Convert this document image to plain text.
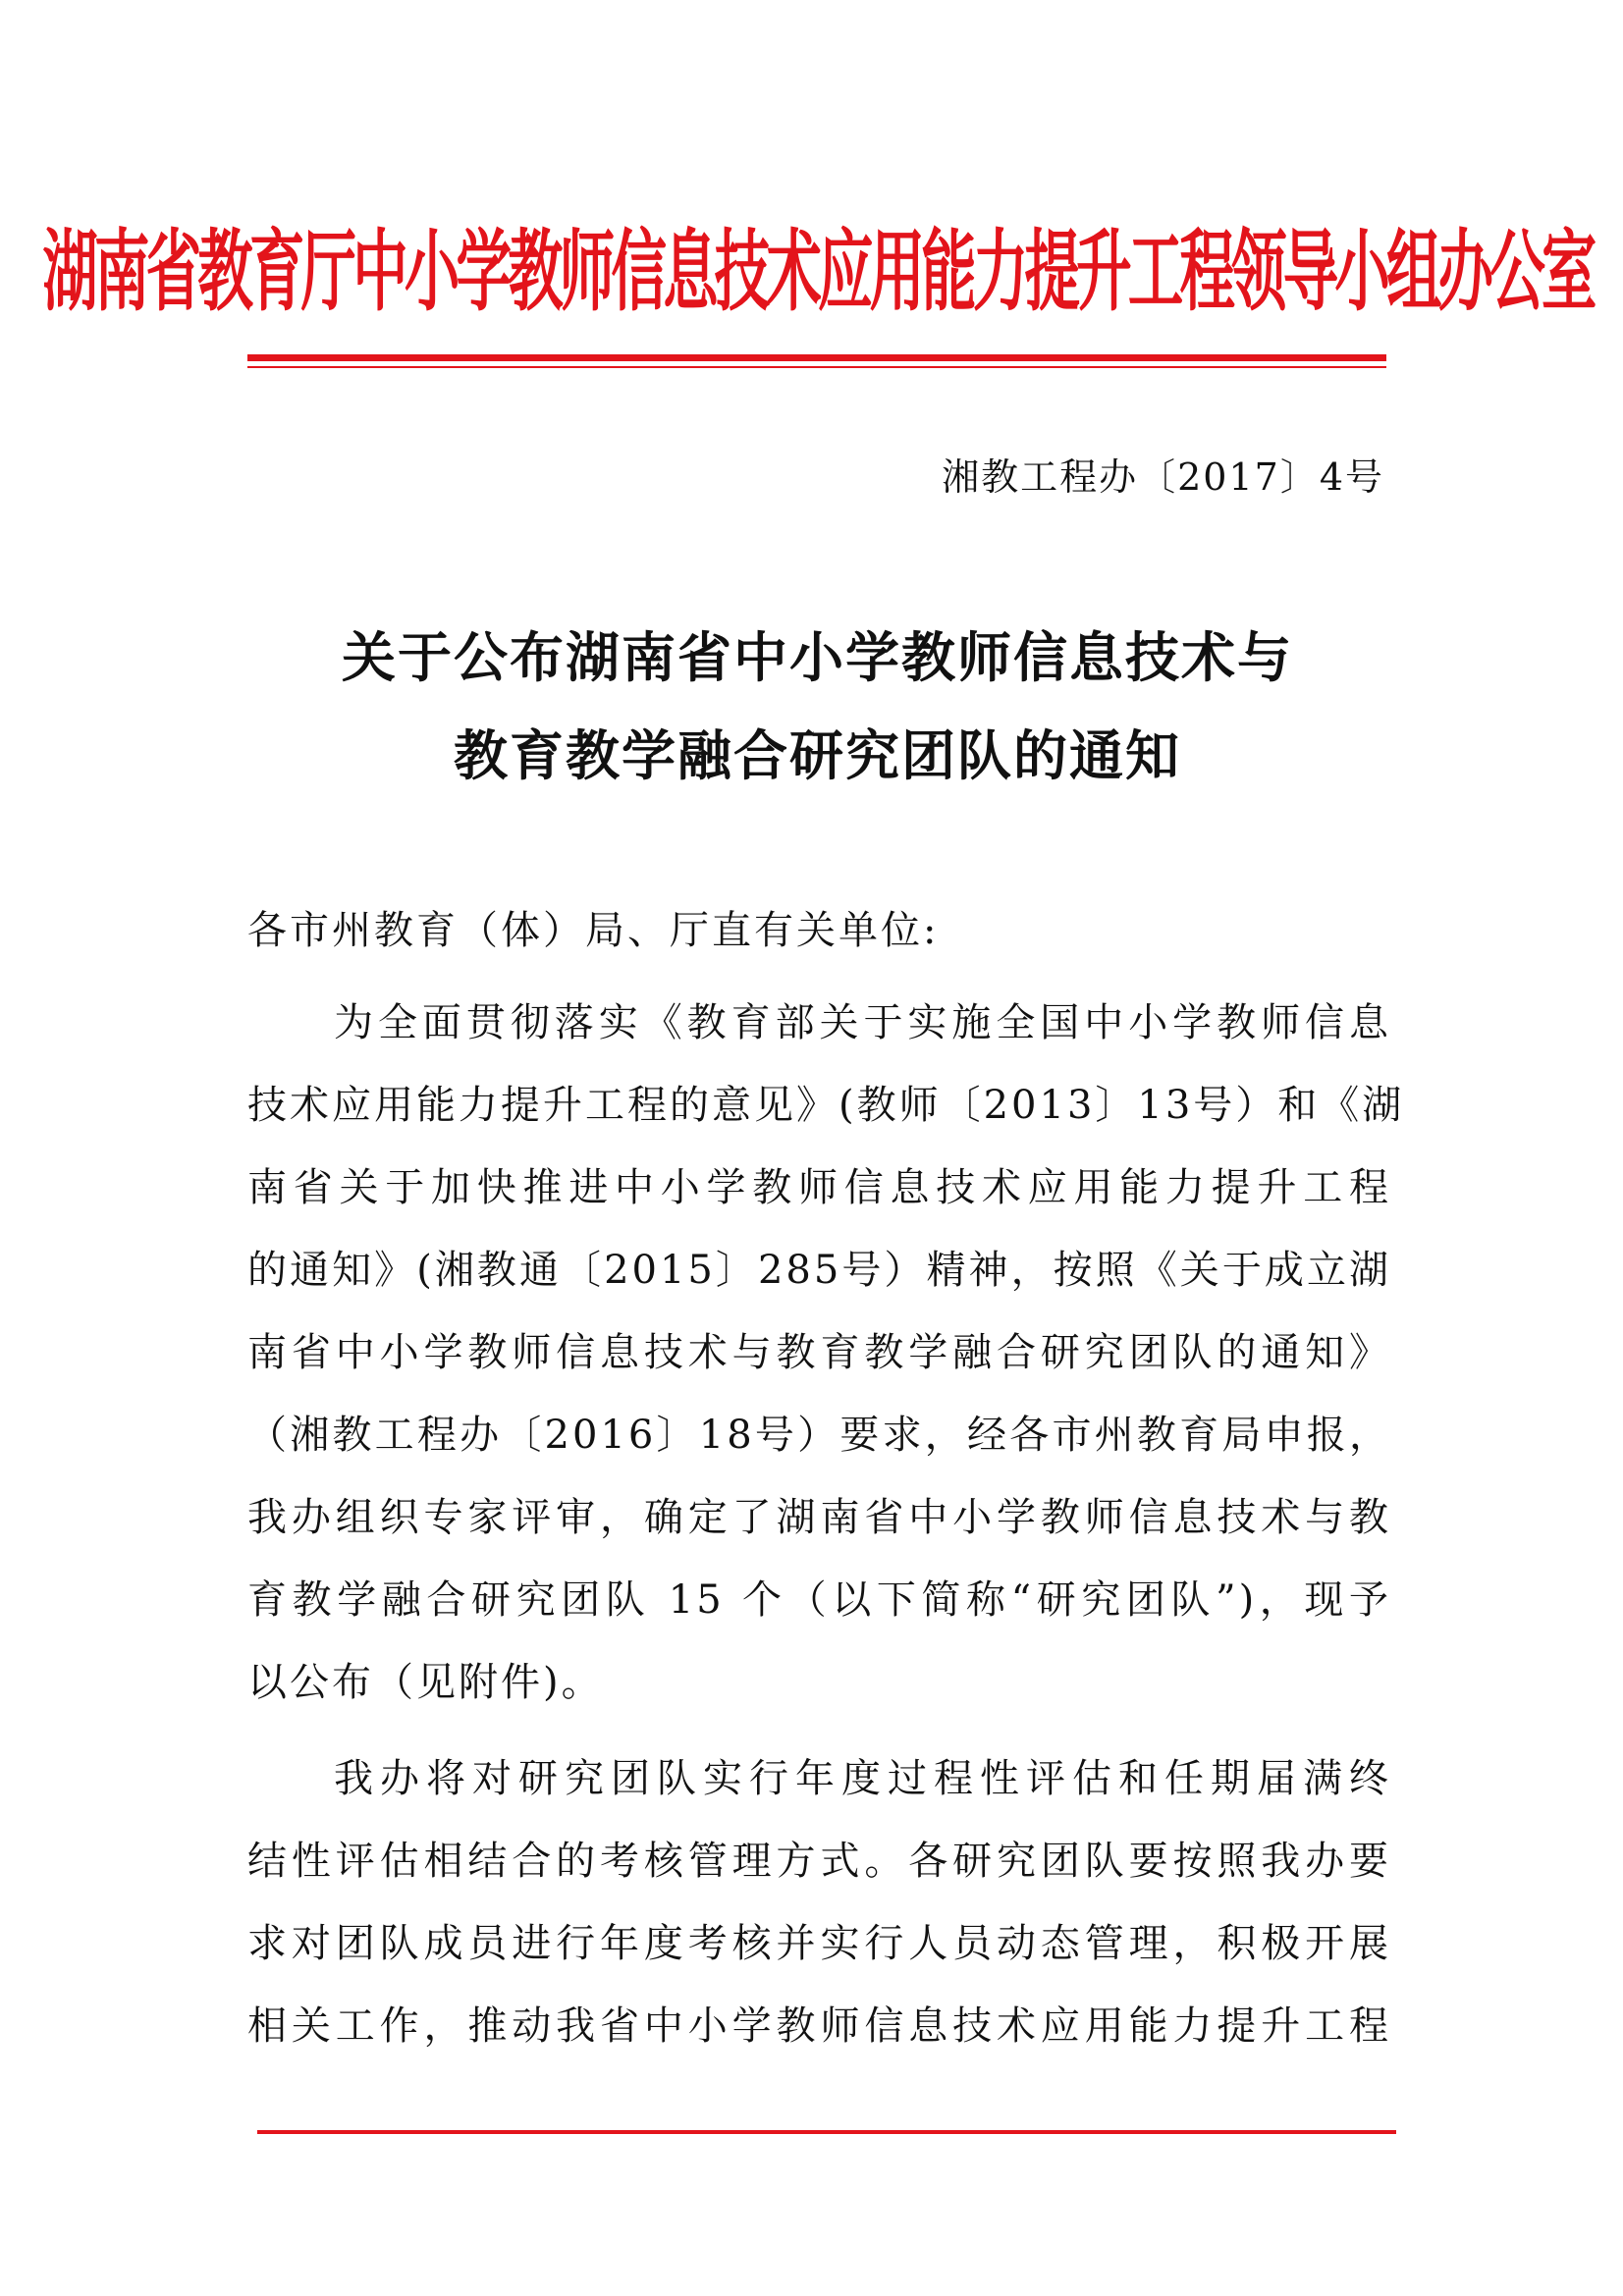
湖南省教育厅中小学教师信息技术应用能力提升工程领导小组办公室
湘教工程办〔2017〕4号
关于公布湖南省中小学教师信息技术与
教育教学融合研究团队的通知
各市州教育（体）局、厅直有关单位:
为全面贯彻落实《教育部关于实施全国中小学教师信息
技术应用能力提升工程的意见》(教师〔2013〕13号）和《湖
南省关于加快推进中小学教师信息技术应用能力提升工程
的通知》(湘教通〔2015〕285号）精神，按照《关于成立湖
南省中小学教师信息技术与教育教学融合研究团队的通知》
（湘教工程办〔2016〕18号）要求，经各市州教育局申报，
我办组织专家评审，确定了湖南省中小学教师信息技术与教
育教学融合研究团队 15 个（以下简称“研究团队”)，现予
以公布（见附件)。
我办将对研究团队实行年度过程性评估和任期届满终
结性评估相结合的考核管理方式。各研究团队要按照我办要
求对团队成员进行年度考核并实行人员动态管理，积极开展
相关工作，推动我省中小学教师信息技术应用能力提升工程
